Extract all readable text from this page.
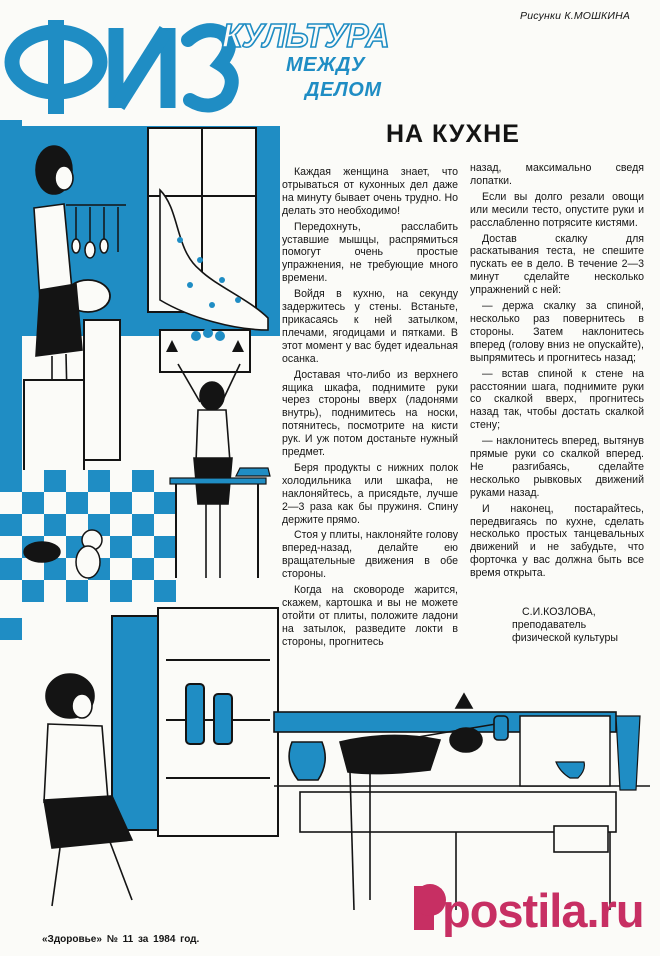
Рисунки К.МОШКИНА
КУЛЬТУРА
МЕЖДУ
ДЕЛОМ
НА КУХНЕ

Каждая женщина знает, что отрываться от кухонных дел даже на минуту бывает очень трудно. Но делать это необходимо!

Передохнуть, расслабить уставшие мышцы, распрямиться помогут очень простые упражнения, не требующие много времени.

Войдя в кухню, на секунду задержитесь у стены. Встаньте, прикасаясь к ней затылком, плечами, ягодицами и пятками. В этот момент у вас будет идеальная осанка.

Доставая что-либо из верхнего ящика шкафа, поднимите руки через стороны вверх (ладонями внутрь), поднимитесь на носки, потянитесь, посмотрите на кисти рук. И уж потом достаньте нужный предмет.

Беря продукты с нижних полок холодильника или шкафа, не наклоняйтесь, а присядьте, лучше 2—3 раза как бы пружиня. Спину держите прямо.

Стоя у плиты, наклоняйте голову вперед-назад, делайте ею вращательные движения в обе стороны.

Когда на сковороде жарится, скажем, картошка и вы не можете отойти от плиты, положите ладони на затылок, разведите локти в стороны, прогнитесь

назад, максимально сведя лопатки.

Если вы долго резали овощи или месили тесто, опустите руки и расслабленно потрясите кистями.

Достав скалку для раскатывания теста, не спешите пускать ее в дело. В течение 2—3 минут сделайте несколько упражнений с ней:

— держа скалку за спиной, несколько раз повернитесь в стороны. Затем наклонитесь вперед (голову вниз не опускайте), выпрямитесь и прогнитесь назад;

— встав спиной к стене на расстоянии шага, поднимите руки со скалкой вверх, прогнитесь назад так, чтобы достать скалкой стену;

— наклонитесь вперед, вытянув прямые руки со скалкой вперед. Не разгибаясь, сделайте несколько рывковых движений руками назад.

И наконец, постарайтесь, передвигаясь по кухне, сделать несколько простых танцевальных движений и не забудьте, что форточка у вас должна быть все время открыта.

С.И.КОЗЛОВА,
преподаватель
физической культуры
«Здоровье» № 11 за 1984 год.
postila.ru
